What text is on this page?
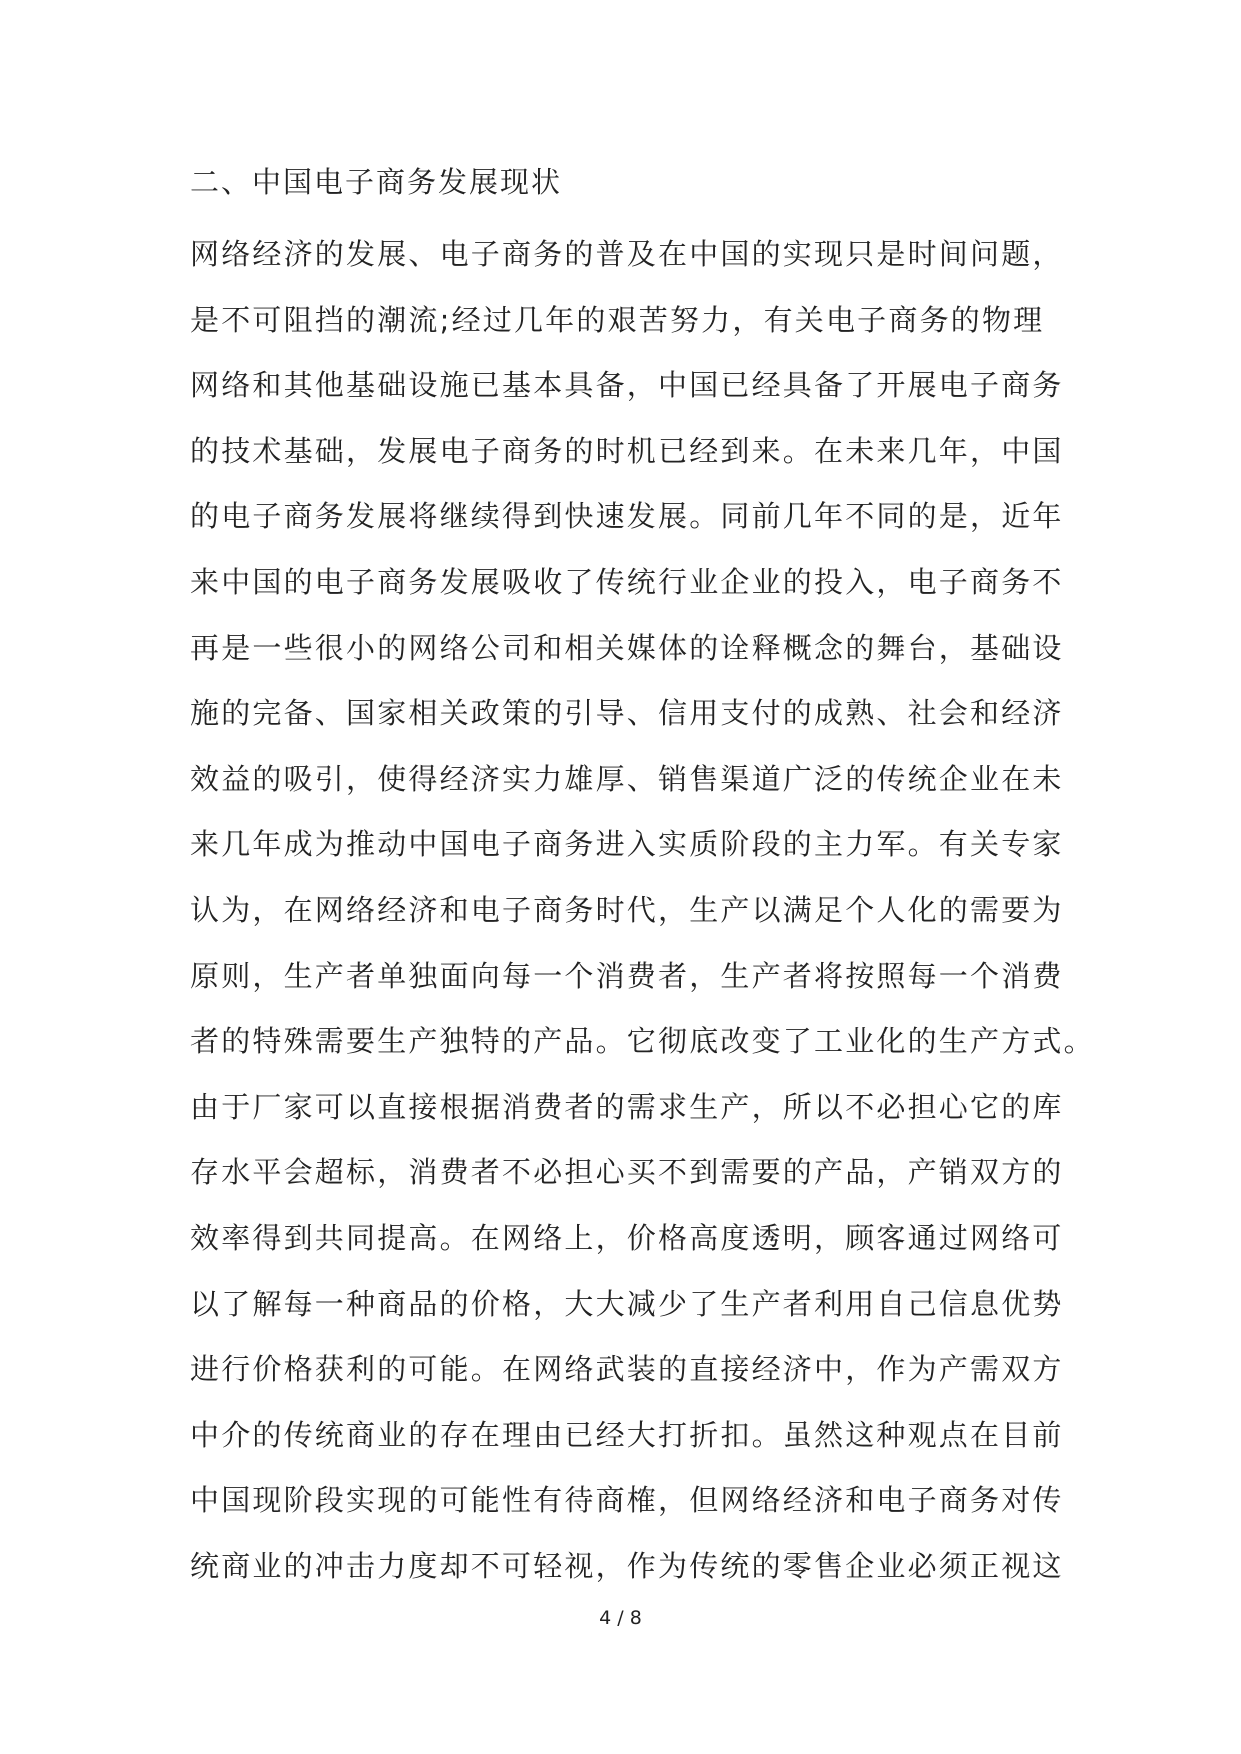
二、中国电子商务发展现状
网络经济的发展、电子商务的普及在中国的实现只是时间问题，
是不可阻挡的潮流;经过几年的艰苦努力，有关电子商务的物理
网络和其他基础设施已基本具备，中国已经具备了开展电子商务
的技术基础，发展电子商务的时机已经到来。在未来几年，中国
的电子商务发展将继续得到快速发展。同前几年不同的是，近年
来中国的电子商务发展吸收了传统行业企业的投入，电子商务不
再是一些很小的网络公司和相关媒体的诠释概念的舞台，基础设
施的完备、国家相关政策的引导、信用支付的成熟、社会和经济
效益的吸引，使得经济实力雄厚、销售渠道广泛的传统企业在未
来几年成为推动中国电子商务进入实质阶段的主力军。有关专家
认为，在网络经济和电子商务时代，生产以满足个人化的需要为
原则，生产者单独面向每一个消费者，生产者将按照每一个消费
者的特殊需要生产独特的产品。它彻底改变了工业化的生产方式。
由于厂家可以直接根据消费者的需求生产，所以不必担心它的库
存水平会超标，消费者不必担心买不到需要的产品，产销双方的
效率得到共同提高。在网络上，价格高度透明，顾客通过网络可
以了解每一种商品的价格，大大减少了生产者利用自己信息优势
进行价格获利的可能。在网络武装的直接经济中，作为产需双方
中介的传统商业的存在理由已经大打折扣。虽然这种观点在目前
中国现阶段实现的可能性有待商榷，但网络经济和电子商务对传
统商业的冲击力度却不可轻视，作为传统的零售企业必须正视这
4 / 8
